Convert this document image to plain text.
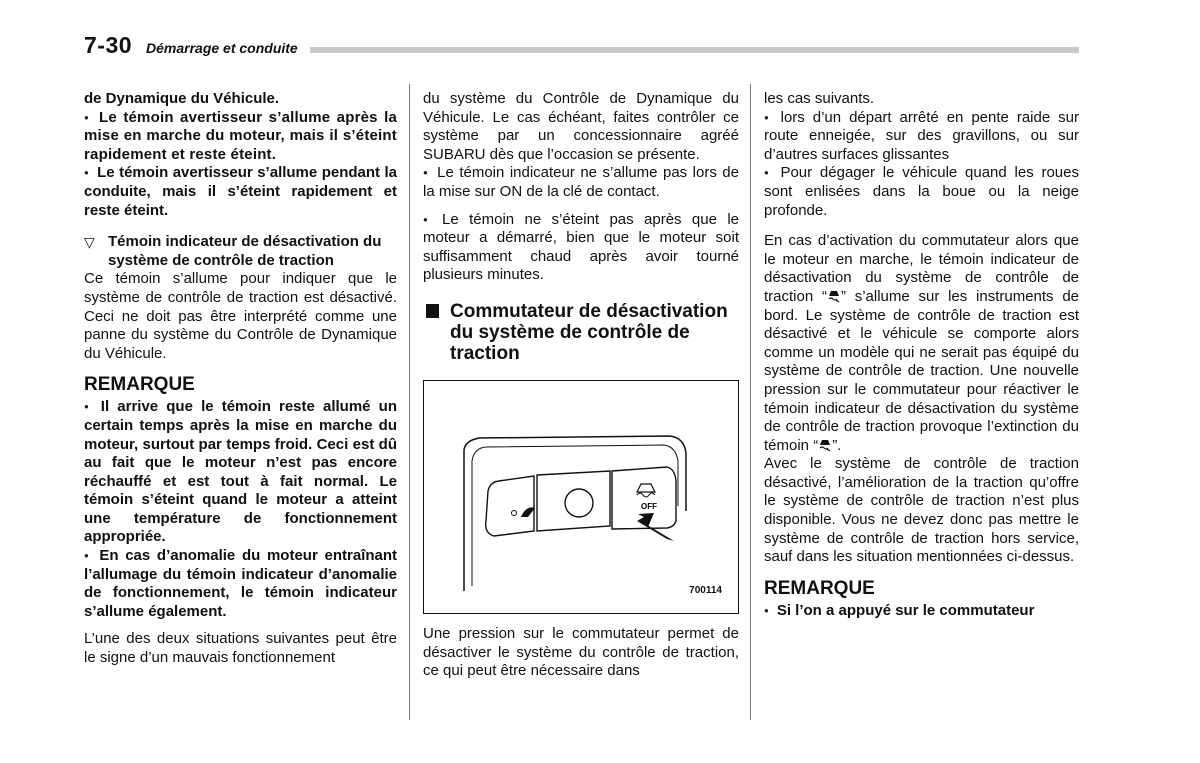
7-30 Démarrage et conduite

de Dynamique du Véhicule.

● Le témoin avertisseur s’allume après la mise en marche du moteur, mais il s’éteint rapidement et reste éteint.

● Le témoin avertisseur s’allume pendant la conduite, mais il s’éteint rapidement et reste éteint.

▽ Témoin indicateur de désactivation du système de contrôle de traction

Ce témoin s’allume pour indiquer que le système de contrôle de traction est désactivé. Ceci ne doit pas être interprété comme une panne du système du Contrôle de Dynamique du Véhicule.

REMARQUE

● Il arrive que le témoin reste allumé un certain temps après la mise en marche du moteur, surtout par temps froid. Ceci est dû au fait que le moteur n’est pas encore réchauffé et est tout à fait normal. Le témoin s’éteint quand le moteur a atteint une température de fonctionnement appropriée.

● En cas d’anomalie du moteur entraînant l’allumage du témoin indicateur d’anomalie de fonctionnement, le témoin indicateur s’allume également.

L’une des deux situations suivantes peut être le signe d’un mauvais fonctionnement

du système du Contrôle de Dynamique du Véhicule. Le cas échéant, faites contrôler ce système par un concessionnaire agréé SUBARU dès que l’occasion se présente.

● Le témoin indicateur ne s’allume pas lors de la mise sur ON de la clé de contact.

● Le témoin ne s’éteint pas après que le moteur a démarré, bien que le moteur soit suffisamment chaud après avoir tourné plusieurs minutes.

Commutateur de désactivation du système de contrôle de traction
OFF
700114

Une pression sur le commutateur permet de désactiver le système du contrôle de traction, ce qui peut être nécessaire dans

les cas suivants.

● lors d’un départ arrêté en pente raide sur route enneigée, sur des gravillons, ou sur d’autres surfaces glissantes

● Pour dégager le véhicule quand les roues sont enlisées dans la boue ou la neige profonde.

En cas d’activation du commutateur alors que le moteur en marche, le témoin indicateur de désactivation du système de contrôle de traction “ ” s’allume sur les instruments de bord. Le système de contrôle de traction est désactivé et le véhicule se comporte alors comme un modèle qui ne serait pas équipé du système de contrôle de traction. Une nouvelle pression sur le commutateur pour réactiver le témoin indicateur de désactivation du système de contrôle de traction provoque l’extinction du témoin “ ”.

Avec le système de contrôle de traction désactivé, l’amélioration de la traction qu’offre le système de contrôle de traction n’est plus disponible. Vous ne devez donc pas mettre le système de contrôle de traction hors service, sauf dans les situation mentionnées ci-dessus.

REMARQUE

● Si l’on a appuyé sur le commutateur
